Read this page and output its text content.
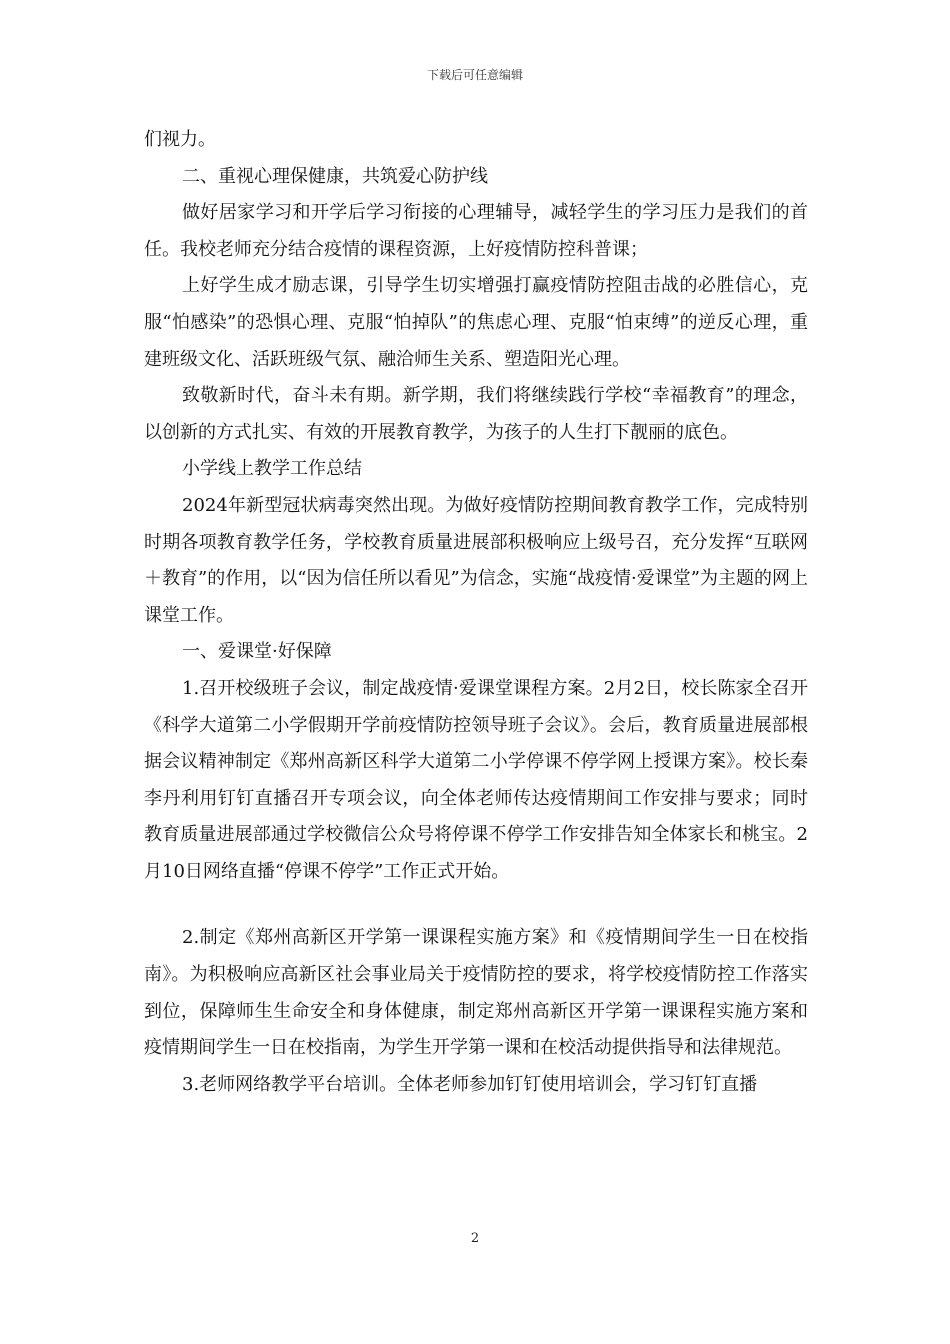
下载后可任意编辑

们视力。

二、重视心理保健康，共筑爱心防护线

做好居家学习和开学后学习衔接的心理辅导，减轻学生的学习压力是我们的首任。我校老师充分结合疫情的课程资源，上好疫情防控科普课；

上好学生成才励志课，引导学生切实增强打赢疫情防控阻击战的必胜信心，克服“怕感染”的恐惧心理、克服“怕掉队”的焦虑心理、克服“怕束缚”的逆反心理，重建班级文化、活跃班级气氛、融洽师生关系、塑造阳光心理。

致敬新时代，奋斗未有期。新学期，我们将继续践行学校“幸福教育”的理念，以创新的方式扎实、有效的开展教育教学，为孩子的人生打下靓丽的底色。

小学线上教学工作总结

2024年新型冠状病毒突然出现。为做好疫情防控期间教育教学工作，完成特别时期各项教育教学任务，学校教育质量进展部积极响应上级号召，充分发挥“互联网＋教育”的作用，以“因为信任所以看见”为信念，实施“战疫情·爱课堂”为主题的网上课堂工作。

一、爱课堂·好保障

1.召开校级班子会议，制定战疫情·爱课堂课程方案。2月2日，校长陈家全召开《科学大道第二小学假期开学前疫情防控领导班子会议》。会后，教育质量进展部根据会议精神制定《郑州高新区科学大道第二小学停课不停学网上授课方案》。校长秦李丹利用钉钉直播召开专项会议，向全体老师传达疫情期间工作安排与要求；同时教育质量进展部通过学校微信公众号将停课不停学工作安排告知全体家长和桃宝。2月10日网络直播“停课不停学”工作正式开始。

2.制定《郑州高新区开学第一课课程实施方案》和《疫情期间学生一日在校指南》。为积极响应高新区社会事业局关于疫情防控的要求，将学校疫情防控工作落实到位，保障师生生命安全和身体健康，制定郑州高新区开学第一课课程实施方案和疫情期间学生一日在校指南，为学生开学第一课和在校活动提供指导和法律规范。

3.老师网络教学平台培训。全体老师参加钉钉使用培训会，学习钉钉直播

2
